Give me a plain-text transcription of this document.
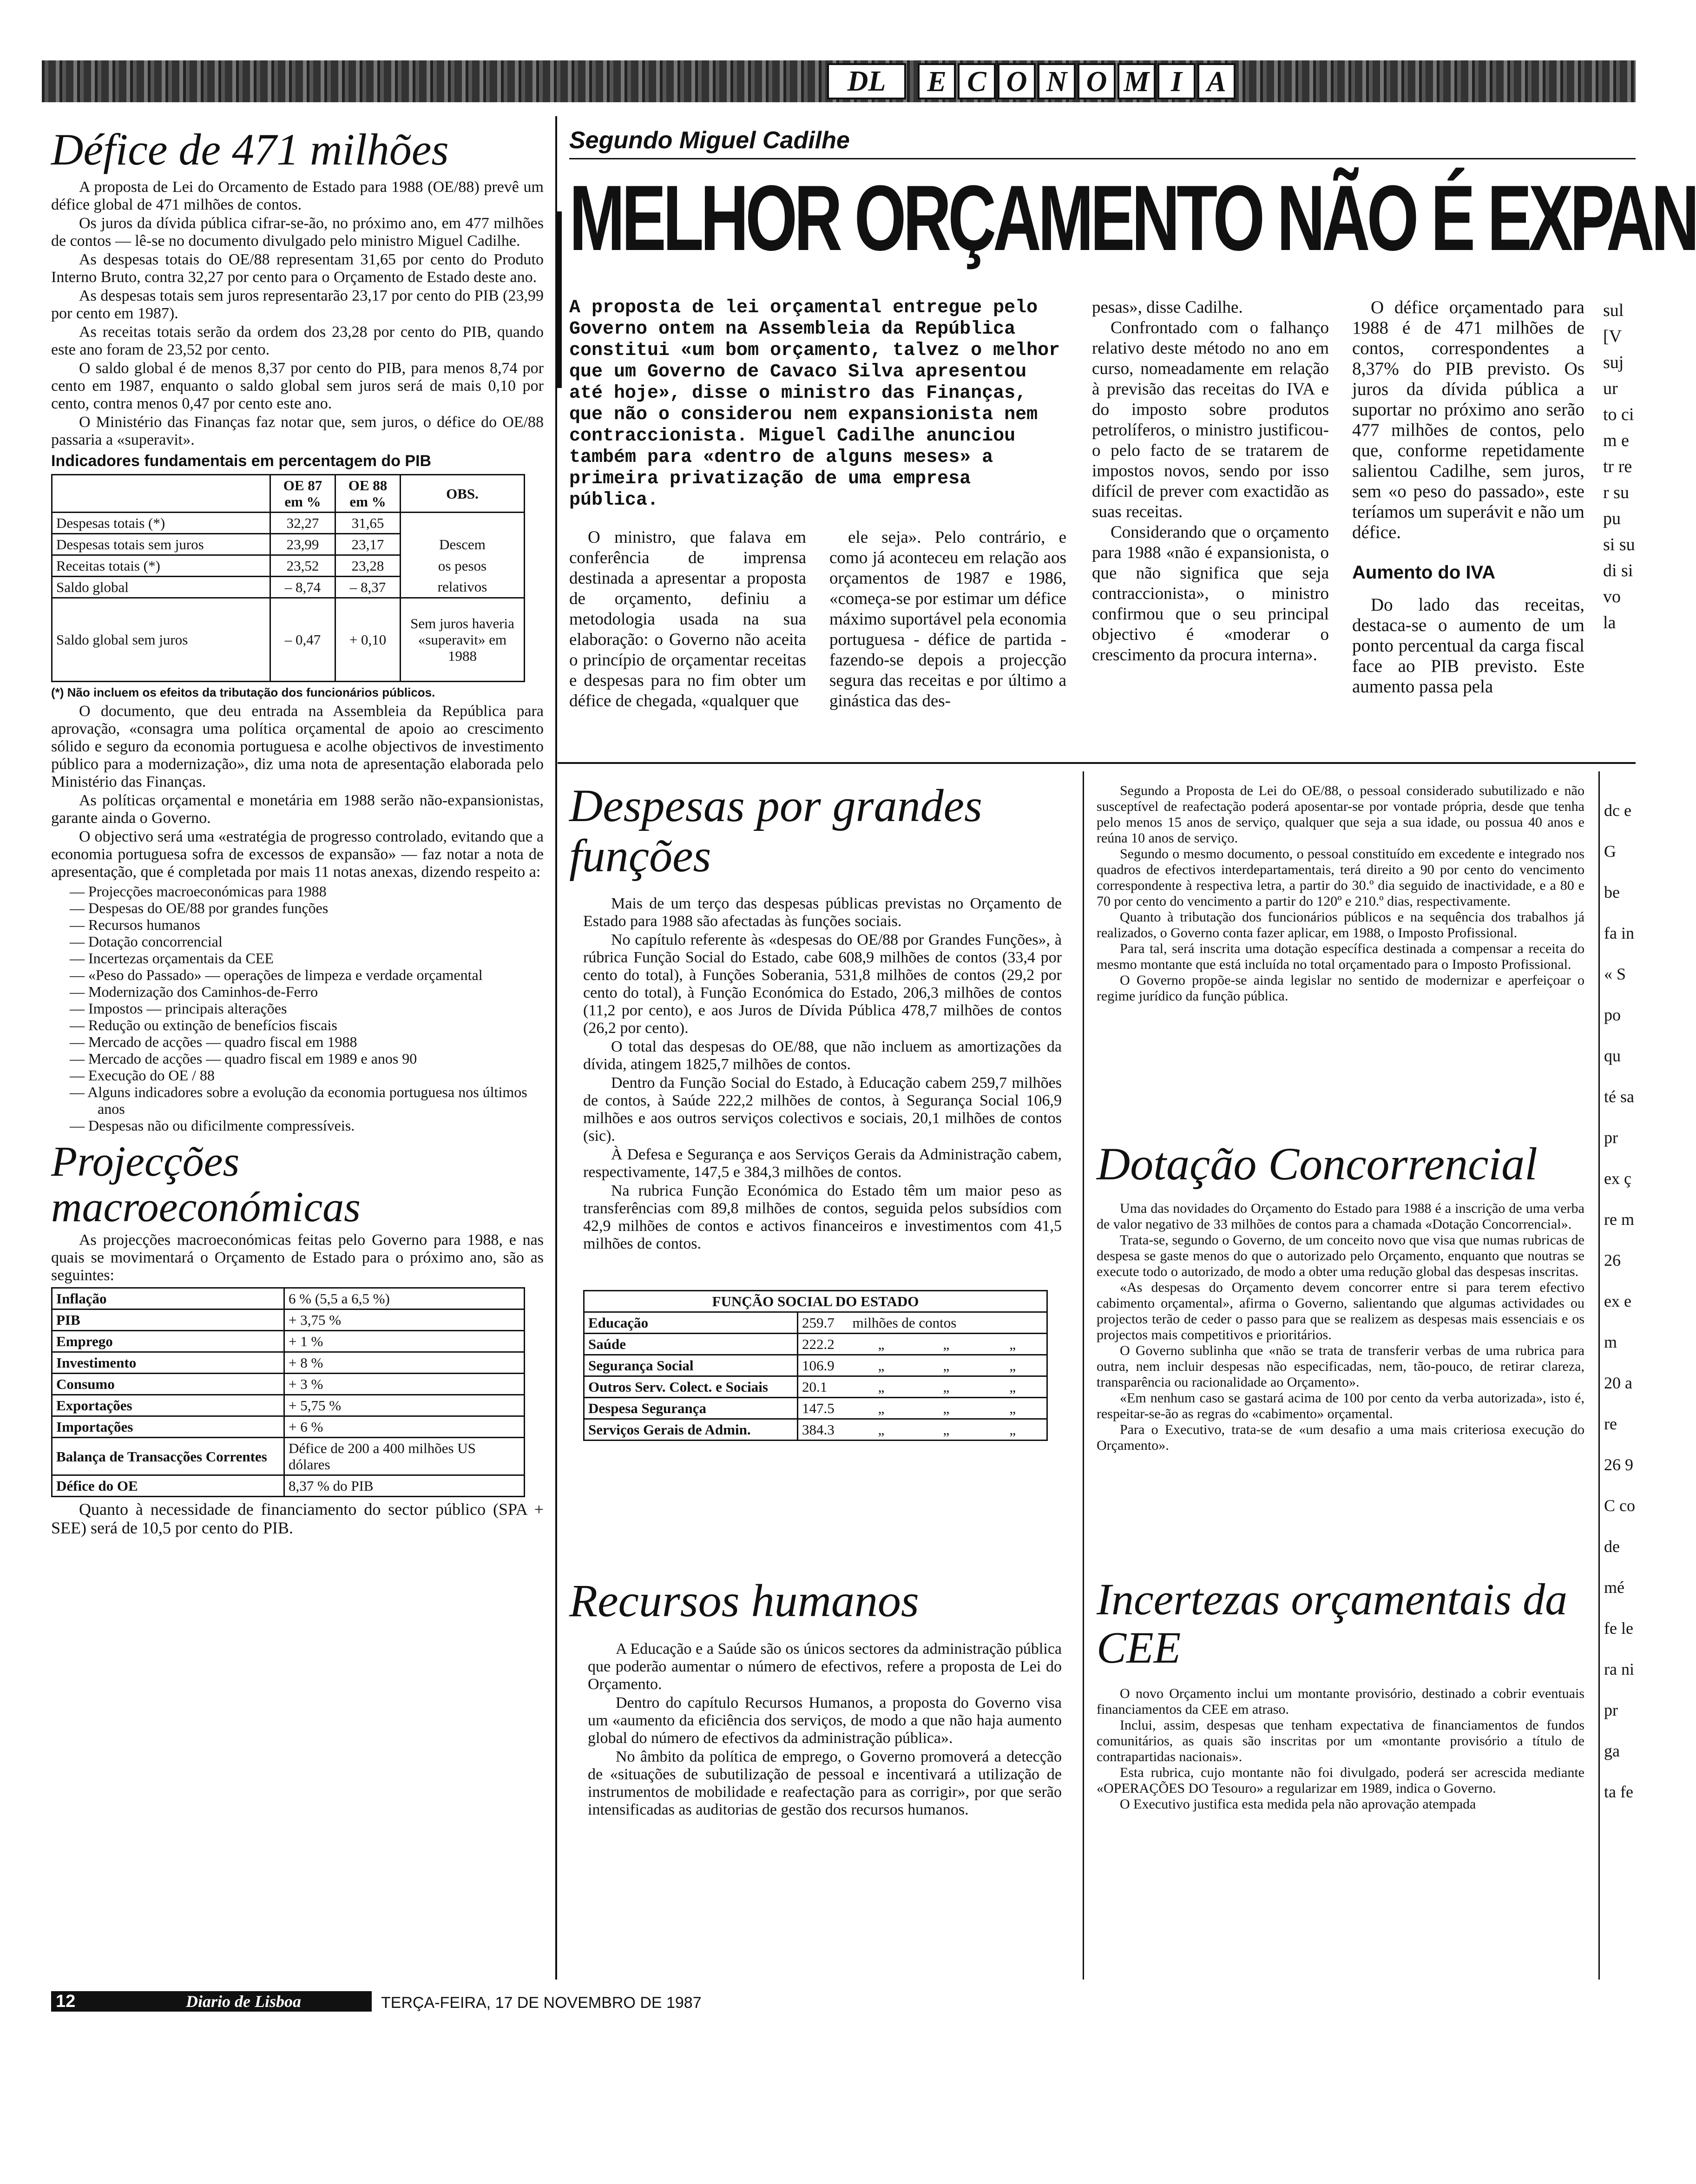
DL	E C O N O M I A
Défice de 471 milhões

A proposta de Lei do Orcamento de Estado para 1988 (OE/88) prevê um défice global de 471 milhões de contos.

Os juros da dívida pública cifrar-se-ão, no próximo ano, em 477 milhões de contos — lê-se no documento divulgado pelo ministro Miguel Cadilhe.

As despesas totais do OE/88 representam 31,65 por cento do Produto Interno Bruto, contra 32,27 por cento para o Orçamento de Estado deste ano.

As despesas totais sem juros representarão 23,17 por cento do PIB (23,99 por cento em 1987).

As receitas totais serão da ordem dos 23,28 por cento do PIB, quando este ano foram de 23,52 por cento.

O saldo global é de menos 8,37 por cento do PIB, para menos 8,74 por cento em 1987, enquanto o saldo global sem juros será de mais 0,10 por cento, contra menos 0,47 por cento este ano.

O Ministério das Finanças faz notar que, sem juros, o défice do OE/88 passaria a «superavit».

Indicadores fundamentais em percentagem do PIB
	OE 87 em %	OE 88 em %	OBS.
Despesas totais (*)	32,27	31,65	
Despesas totais sem juros	23,99	23,17	Descem
Receitas totais (*)	23,52	23,28	os pesos
Saldo global	– 8,74	– 8,37	relativos
Saldo global sem juros	– 0,47	+ 0,10	Sem juros haveria «superavit» em 1988
(*) Não incluem os efeitos da tributação dos funcionários públicos.

O documento, que deu entrada na Assembleia da República para aprovação, «consagra uma política orçamental de apoio ao crescimento sólido e seguro da economia portuguesa e acolhe objectivos de investimento público para a modernização», diz uma nota de apresentação elaborada pelo Ministério das Finanças.

As políticas orçamental e monetária em 1988 serão não-expansionistas, garante ainda o Governo.

O objectivo será uma «estratégia de progresso controlado, evitando que a economia portuguesa sofra de excessos de expansão» — faz notar a nota de apresentação, que é completada por mais 11 notas anexas, dizendo respeito a:

— Projecções macroeconómicas para 1988
— Despesas do OE/88 por grandes funções
— Recursos humanos
— Dotação concorrencial
— Incertezas orçamentais da CEE
— «Peso do Passado» — operações de limpeza e verdade orçamental
— Modernização dos Caminhos-de-Ferro
— Impostos — principais alterações
— Redução ou extinção de benefícios fiscais
— Mercado de acções — quadro fiscal em 1988
— Mercado de acções — quadro fiscal em 1989 e anos 90
— Execução do OE / 88
— Alguns indicadores sobre a evolução da economia portuguesa nos últimos anos
— Despesas não ou dificilmente compressíveis.
Projecções macroeconómicas

As projecções macroeconómicas feitas pelo Governo para 1988, e nas quais se movimentará o Orçamento de Estado para o próximo ano, são as seguintes:

Inflação	6 % (5,5 a 6,5 %)
PIB	+ 3,75 %
Emprego	+ 1 %
Investimento	+ 8 %
Consumo	+ 3 %
Exportações	+ 5,75 %
Importações	+ 6 %
Balança de Transacções Correntes	Défice de 200 a 400 milhões US dólares
Défice do OE	8,37 % do PIB

Quanto à necessidade de financiamento do sector público (SPA + SEE) será de 10,5 por cento do PIB.

Segundo Miguel Cadilhe
MELHOR ORÇAMENTO NÃO É EXPAN
A proposta de lei orçamental entregue pelo Governo ontem na Assembleia da República constitui «um bom orçamento, talvez o melhor que um Governo de Cavaco Silva apresentou até hoje», disse o ministro das Finanças, que não o considerou nem expansionista nem contraccionista. Miguel Cadilhe anunciou também para «dentro de alguns meses» a primeira privatização de uma empresa pública.

O ministro, que falava em conferência de imprensa destinada a apresentar a proposta de orçamento, definiu a metodologia usada na sua elaboração: o Governo não aceita o princípio de orçamentar receitas e despesas para no fim obter um défice de chegada, «qualquer que

ele seja». Pelo contrário, e como já aconteceu em relação aos orçamentos de 1987 e 1986, «começa-se por estimar um défice máximo suportável pela economia portuguesa - défice de partida - fazendo-se depois a projecção segura das receitas e por último a ginástica das des-

pesas», disse Cadilhe.

Confrontado com o falhanço relativo deste método no ano em curso, nomeadamente em relação à previsão das receitas do IVA e do imposto sobre produtos petrolíferos, o ministro justificou-o pelo facto de se tratarem de impostos novos, sendo por isso difícil de prever com exactidão as suas receitas.

Considerando que o orçamento para 1988 «não é expansionista, o que não significa que seja contraccionista», o ministro confirmou que o seu principal objectivo é «moderar o crescimento da procura interna».

O défice orçamentado para 1988 é de 471 milhões de contos, correspondentes a 8,37% do PIB previsto. Os juros da dívida pública a suportar no próximo ano serão 477 milhões de contos, pelo que, conforme repetidamente salientou Cadilhe, sem juros, sem «o peso do passado», este teríamos um superávit e não um défice.

Aumento do IVA

Do lado das receitas, destaca-se o aumento de um ponto percentual da carga fiscal face ao PIB previsto. Este aumento passa pela

sul [V suj ur to ci m e tr re r su pu si su di si vo la
Despesas por grandes funções

Mais de um terço das despesas públicas previstas no Orçamento de Estado para 1988 são afectadas às funções sociais.

No capítulo referente às «despesas do OE/88 por Grandes Funções», à rúbrica Função Social do Estado, cabe 608,9 milhões de contos (33,4 por cento do total), à Funções Soberania, 531,8 milhões de contos (29,2 por cento do total), à Função Económica do Estado, 206,3 milhões de contos (11,2 por cento), e aos Juros de Dívida Pública 478,7 milhões de contos (26,2 por cento).

O total das despesas do OE/88, que não incluem as amortizações da dívida, atingem 1825,7 milhões de contos.

Dentro da Função Social do Estado, à Educação cabem 259,7 milhões de contos, à Saúde 222,2 milhões de contos, à Segurança Social 106,9 milhões e aos outros serviços colectivos e sociais, 20,1 milhões de contos (sic).

À Defesa e Segurança e aos Serviços Gerais da Administração cabem, respectivamente, 147,5 e 384,3 milhões de contos.

Na rubrica Função Económica do Estado têm um maior peso as transferências com 89,8 milhões de contos, seguida pelos subsídios com 42,9 milhões de contos e activos financeiros e investimentos com 41,5 milhões de contos.

FUNÇÃO SOCIAL DO ESTADO				
Educação	259.7	milhões de contos		
Saúde	222.2	„	„	„
Segurança Social	106.9	„	„	„
Outros Serv. Colect. e Sociais	20.1	„	„	„
Despesa Segurança	147.5	„	„	„
Serviços Gerais de Admin.	384.3	„	„	„
Recursos humanos

A Educação e a Saúde são os únicos sectores da administração pública que poderão aumentar o número de efectivos, refere a proposta de Lei do Orçamento.

Dentro do capítulo Recursos Humanos, a proposta do Governo visa um «aumento da eficiência dos serviços, de modo a que não haja aumento global do número de efectivos da administração pública».

No âmbito da política de emprego, o Governo promoverá a detecção de «situações de subutilização de pessoal e incentivará a utilização de instrumentos de mobilidade e reafectação para as corrigir», por que serão intensificadas as auditorias de gestão dos recursos humanos.

Segundo a Proposta de Lei do OE/88, o pessoal considerado subutilizado e não susceptível de reafectação poderá aposentar-se por vontade própria, desde que tenha pelo menos 15 anos de serviço, qualquer que seja a sua idade, ou possua 40 anos e reúna 10 anos de serviço.

Segundo o mesmo documento, o pessoal constituído em excedente e integrado nos quadros de efectivos interdepartamentais, terá direito a 90 por cento do vencimento correspondente à respectiva letra, a partir do 30.º dia seguido de inactividade, e a 80 e 70 por cento do vencimento a partir do 120º e 210.º dias, respectivamente.

Quanto à tributação dos funcionários públicos e na sequência dos trabalhos já realizados, o Governo conta fazer aplicar, em 1988, o Imposto Profissional.

Para tal, será inscrita uma dotação específica destinada a compensar a receita do mesmo montante que está incluída no total orçamentado para o Imposto Profissional.

O Governo propõe-se ainda legislar no sentido de modernizar e aperfeiçoar o regime jurídico da função pública.

Dotação Concorrencial

Uma das novidades do Orçamento do Estado para 1988 é a inscrição de uma verba de valor negativo de 33 milhões de contos para a chamada «Dotação Concorrencial».

Trata-se, segundo o Governo, de um conceito novo que visa que numas rubricas de despesa se gaste menos do que o autorizado pelo Orçamento, enquanto que noutras se execute todo o autorizado, de modo a obter uma redução global das despesas inscritas.

«As despesas do Orçamento devem concorrer entre si para terem efectivo cabimento orçamental», afirma o Governo, salientando que algumas actividades ou projectos terão de ceder o passo para que se realizem as despesas mais essenciais e os projectos mais competitivos e prioritários.

O Governo sublinha que «não se trata de transferir verbas de uma rubrica para outra, nem incluir despesas não especificadas, nem, tão-pouco, de retirar clareza, transparência ou racionalidade ao Orçamento».

«Em nenhum caso se gastará acima de 100 por cento da verba autorizada», isto é, respeitar-se-ão as regras do «cabimento» orçamental.

Para o Executivo, trata-se de «um desafio a uma mais criteriosa execução do Orçamento».

Incertezas orçamentais da CEE

O novo Orçamento inclui um montante provisório, destinado a cobrir eventuais financiamentos da CEE em atraso.

Inclui, assim, despesas que tenham expectativa de financiamentos de fundos comunitários, as quais são inscritas por um «montante provisório a título de contrapartidas nacionais».

Esta rubrica, cujo montante não foi divulgado, poderá ser acrescida mediante «OPERAÇÕES DO Tesouro» a regularizar em 1989, indica o Governo.

O Executivo justifica esta medida pela não aprovação atempada

dc e G be fa in « S po qu té sa pr ex ç re m 26 ex e m 20 a re 26 9 C co de mé fe le ra ni pr ga ta fe
12	Diario de Lisboa	TERÇA-FEIRA, 17 DE NOVEMBRO DE 1987
